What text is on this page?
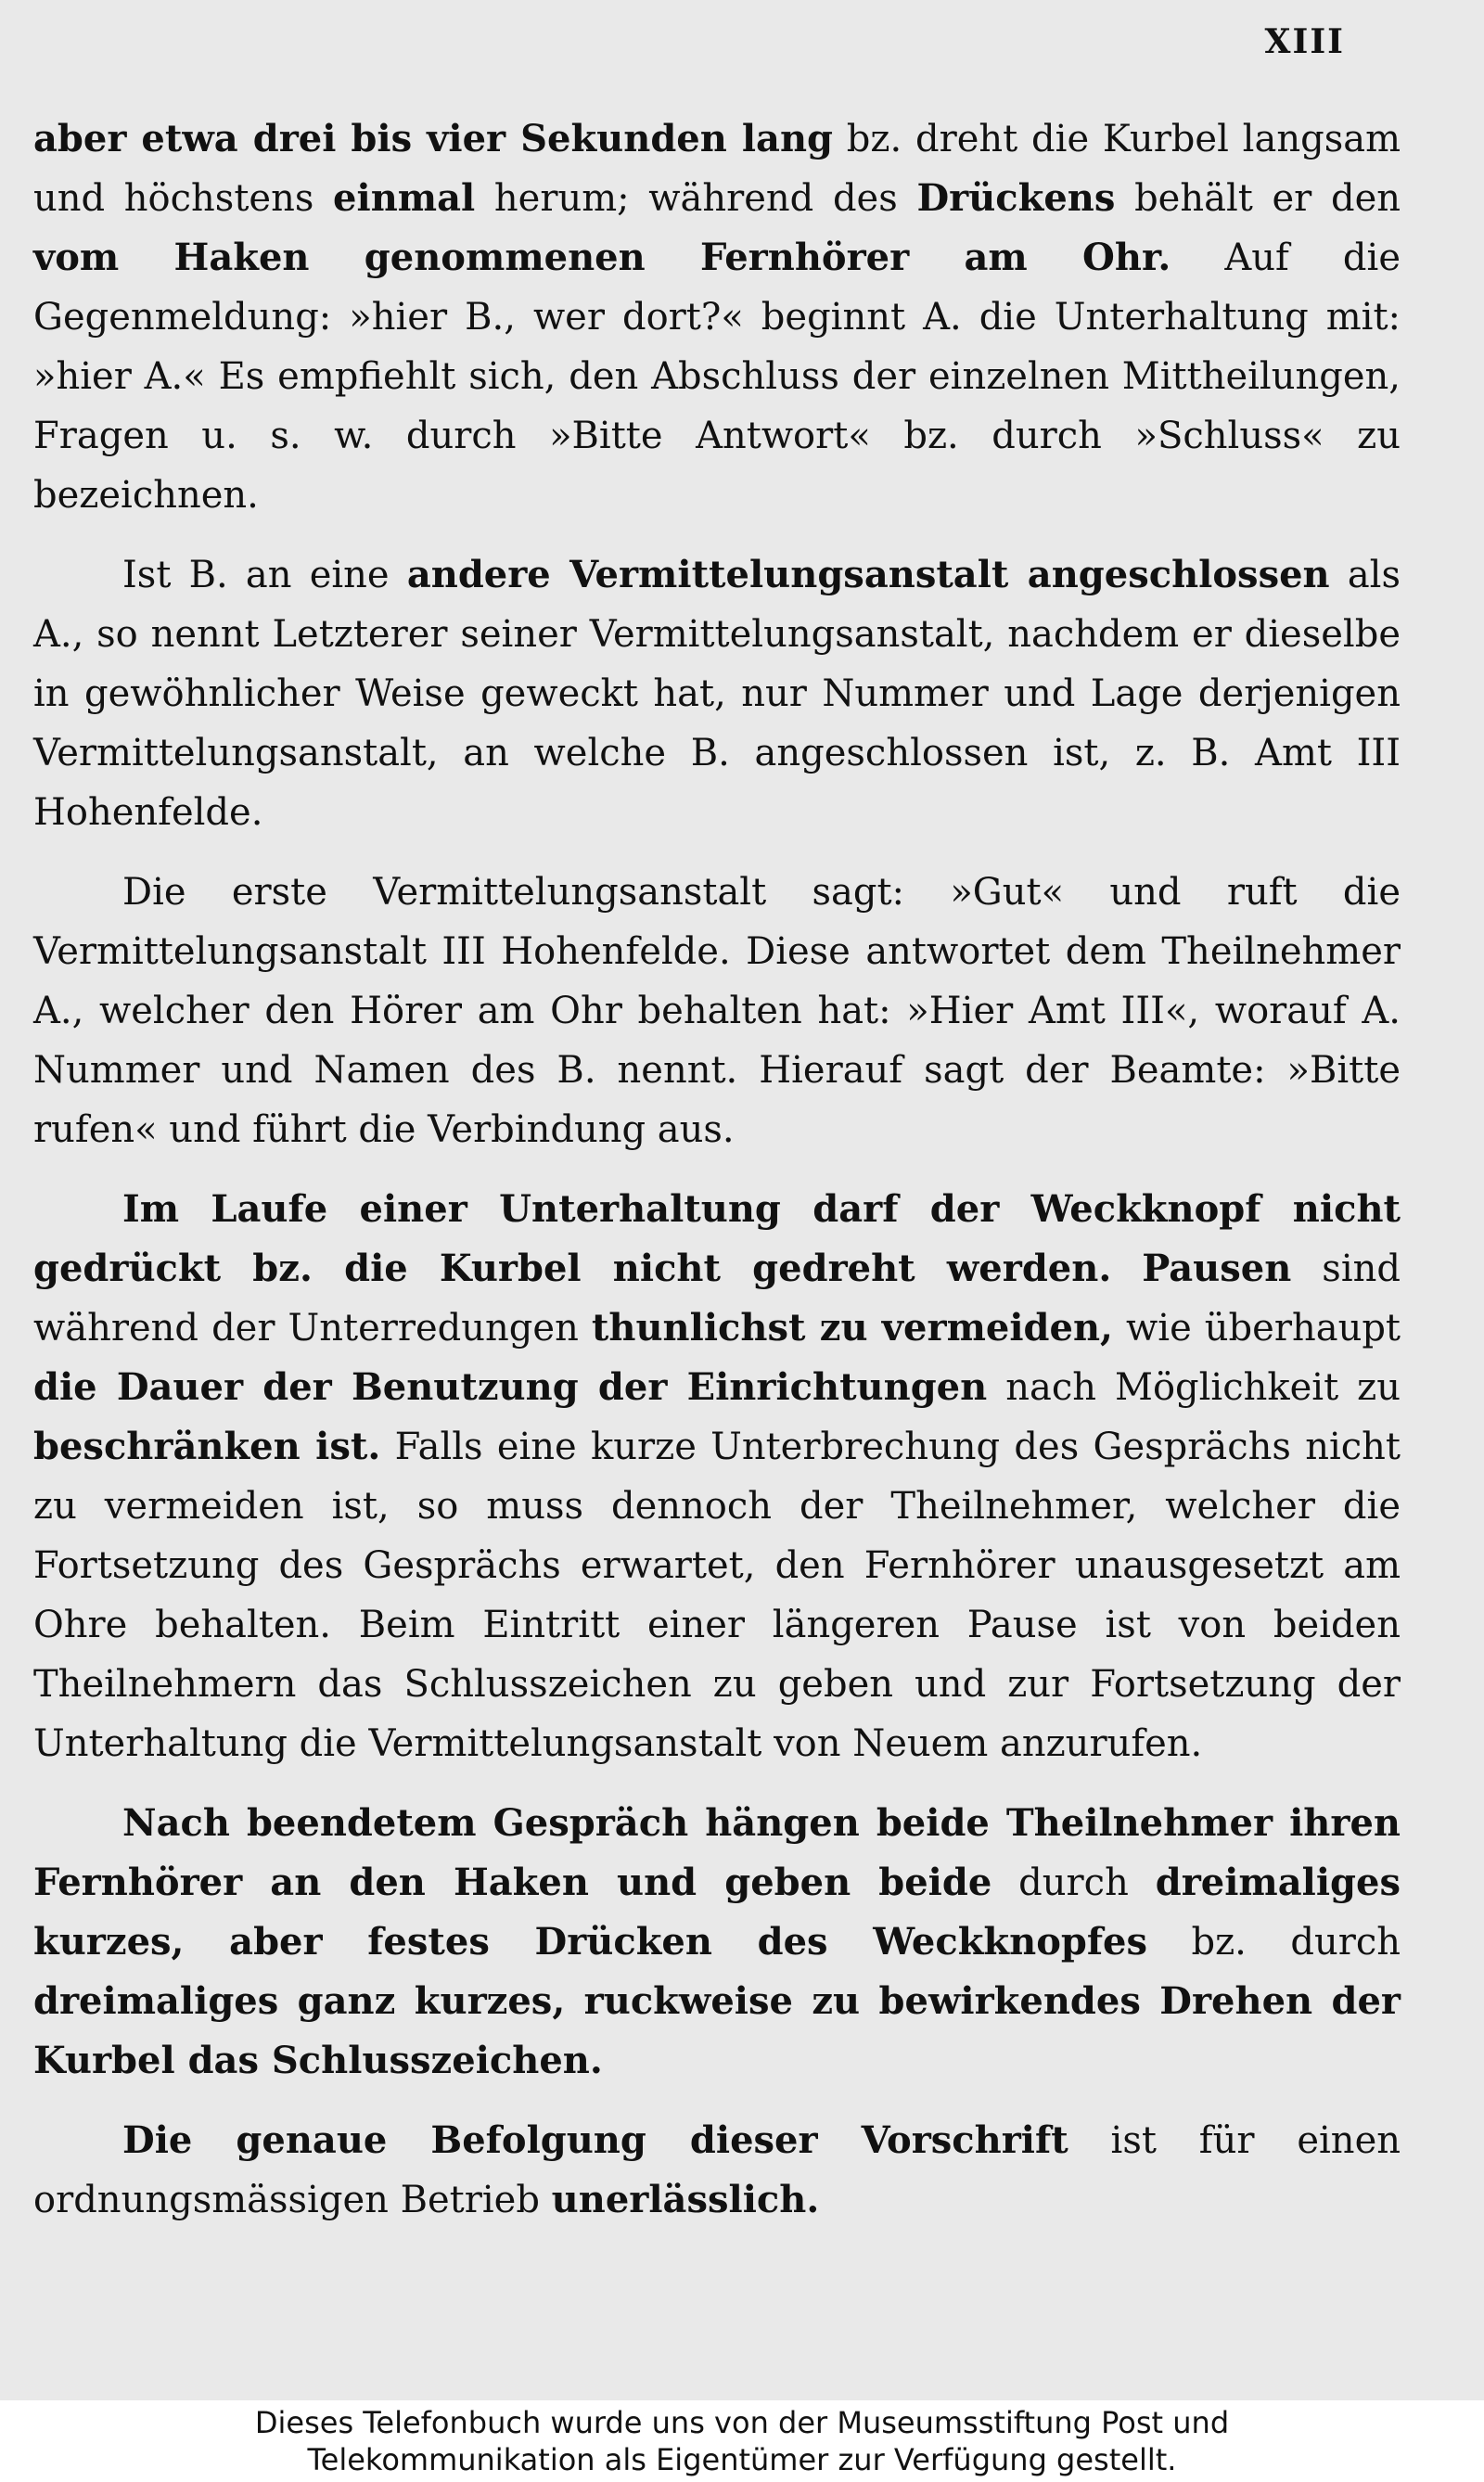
XIII

aber etwa drei bis vier Sekunden lang bz. dreht die Kurbel langsam und höchstens einmal herum; während des Drückens behält er den vom Haken genommenen Fernhörer am Ohr. Auf die Gegenmeldung: »hier B., wer dort?« beginnt A. die Unterhaltung mit: »hier A.« Es empfiehlt sich, den Abschluss der einzelnen Mittheilungen, Fragen u. s. w. durch »Bitte Antwort« bz. durch »Schluss« zu bezeichnen.

Ist B. an eine andere Vermittelungsanstalt angeschlossen als A., so nennt Letzterer seiner Vermittelungsanstalt, nachdem er dieselbe in gewöhnlicher Weise geweckt hat, nur Nummer und Lage derjenigen Vermittelungsanstalt, an welche B. angeschlossen ist, z. B. Amt III Hohenfelde.

Die erste Vermittelungsanstalt sagt: »Gut« und ruft die Vermittelungsanstalt III Hohenfelde. Diese antwortet dem Theilnehmer A., welcher den Hörer am Ohr behalten hat: »Hier Amt III«, worauf A. Nummer und Namen des B. nennt. Hierauf sagt der Beamte: »Bitte rufen« und führt die Verbindung aus.

Im Laufe einer Unterhaltung darf der Weckknopf nicht gedrückt bz. die Kurbel nicht gedreht werden. Pausen sind während der Unterredungen thunlichst zu vermeiden, wie überhaupt die Dauer der Benutzung der Einrichtungen nach Möglichkeit zu beschränken ist. Falls eine kurze Unterbrechung des Gesprächs nicht zu vermeiden ist, so muss dennoch der Theilnehmer, welcher die Fortsetzung des Gesprächs erwartet, den Fernhörer unausgesetzt am Ohre behalten. Beim Eintritt einer längeren Pause ist von beiden Theilnehmern das Schlusszeichen zu geben und zur Fortsetzung der Unterhaltung die Vermittelungsanstalt von Neuem anzurufen.

Nach beendetem Gespräch hängen beide Theilnehmer ihren Fernhörer an den Haken und geben beide durch dreimaliges kurzes, aber festes Drücken des Weckknopfes bz. durch dreimaliges ganz kurzes, ruckweise zu bewirkendes Drehen der Kurbel das Schlusszeichen.

Die genaue Befolgung dieser Vorschrift ist für einen ordnungsmässigen Betrieb unerlässlich.

Dieses Telefonbuch wurde uns von der Museumsstiftung Post und
Telekommunikation als Eigentümer zur Verfügung gestellt.
